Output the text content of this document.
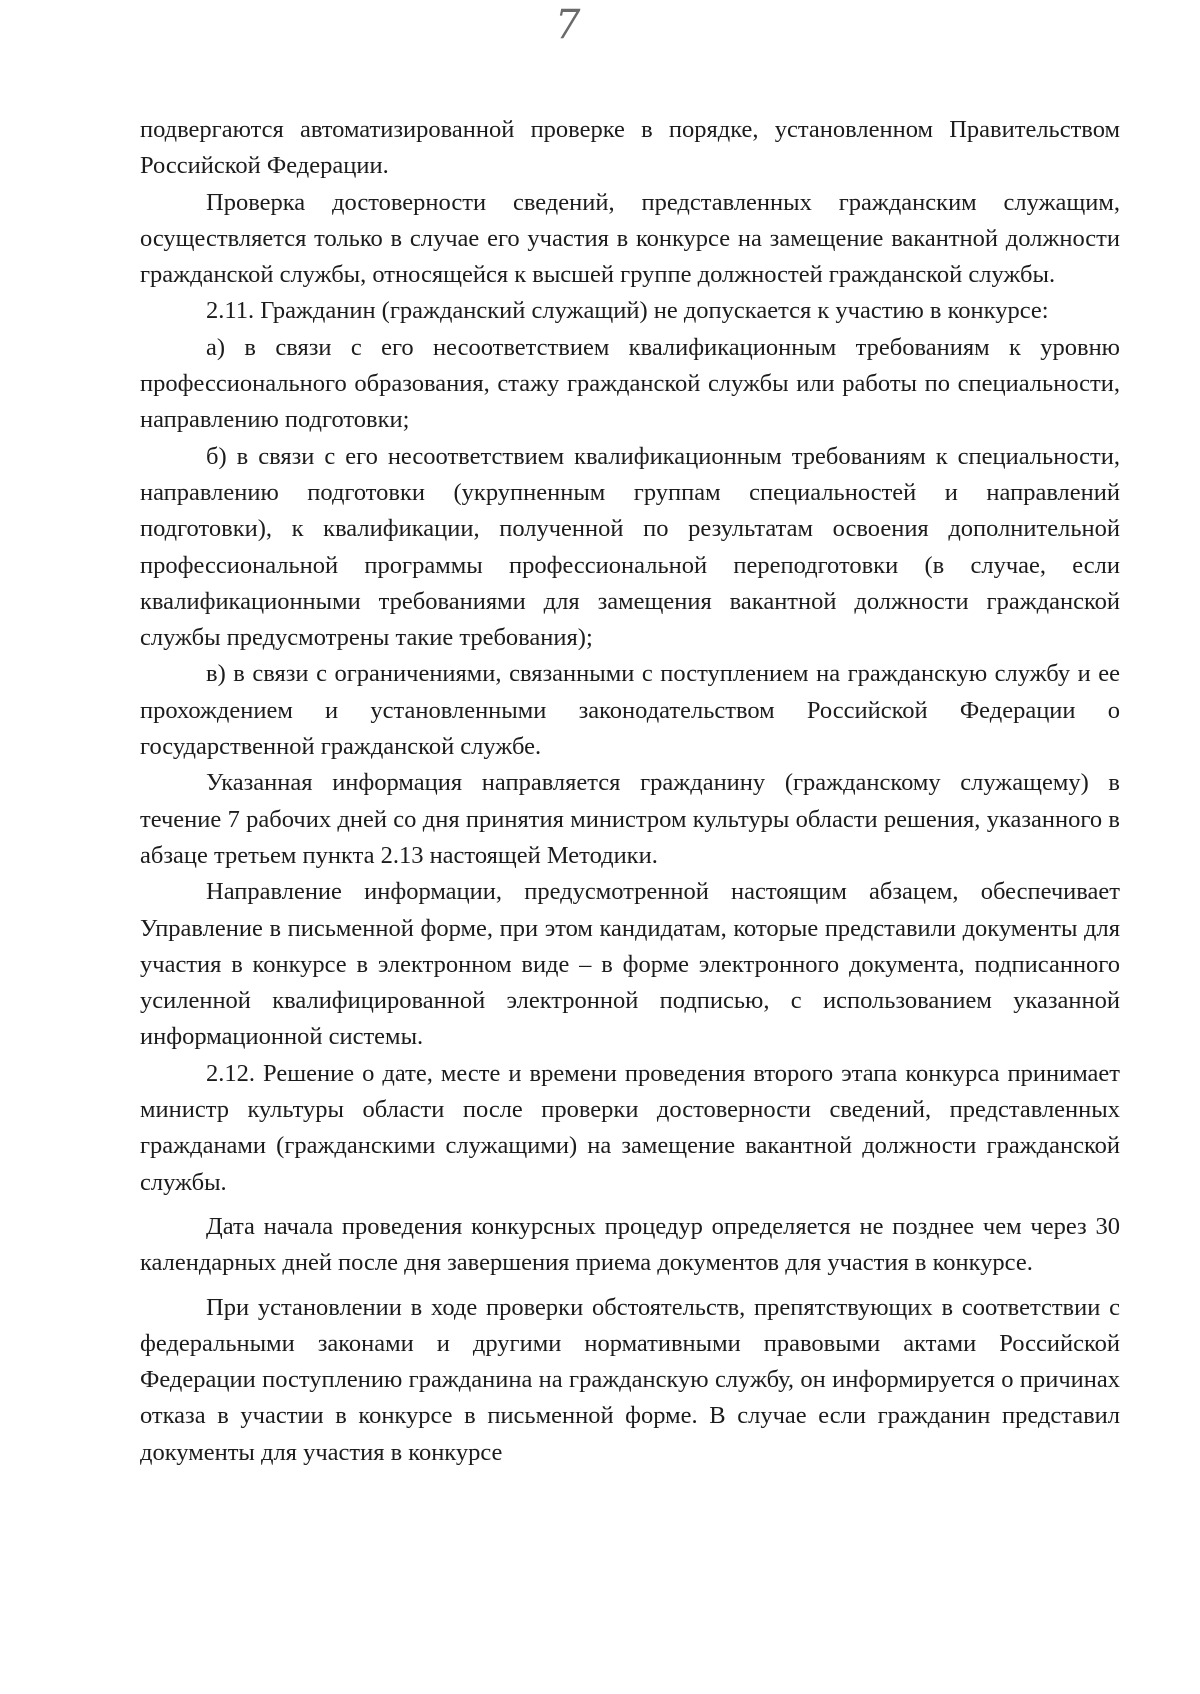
7

подвергаются автоматизированной проверке в порядке, установленном Правительством Российской Федерации.

Проверка достоверности сведений, представленных гражданским служащим, осуществляется только в случае его участия в конкурсе на замещение вакантной должности гражданской службы, относящейся к высшей группе должностей гражданской службы.

2.11. Гражданин (гражданский служащий) не допускается к участию в конкурсе:

а) в связи с его несоответствием квалификационным требованиям к уровню профессионального образования, стажу гражданской службы или работы по специальности, направлению подготовки;

б) в связи с его несоответствием квалификационным требованиям к специальности, направлению подготовки (укрупненным группам специальностей и направлений подготовки), к квалификации, полученной по результатам освоения дополнительной профессиональной программы профессиональной переподготовки (в случае, если квалификационными требованиями для замещения вакантной должности гражданской службы предусмотрены такие требования);

в) в связи с ограничениями, связанными с поступлением на гражданскую службу и ее прохождением и установленными законодательством Российской Федерации о государственной гражданской службе.

Указанная информация направляется гражданину (гражданскому служащему) в течение 7 рабочих дней со дня принятия министром культуры области решения, указанного в абзаце третьем пункта 2.13 настоящей Методики.

Направление информации, предусмотренной настоящим абзацем, обеспечивает Управление в письменной форме, при этом кандидатам, которые представили документы для участия в конкурсе в электронном виде – в форме электронного документа, подписанного усиленной квалифицированной электронной подписью, с использованием указанной информационной системы.

2.12. Решение о дате, месте и времени проведения второго этапа конкурса принимает министр культуры области после проверки достоверности сведений, представленных гражданами (гражданскими служащими) на замещение вакантной должности гражданской службы.

Дата начала проведения конкурсных процедур определяется не позднее чем через 30 календарных дней после дня завершения приема документов для участия в конкурсе.

При установлении в ходе проверки обстоятельств, препятствующих в соответствии с федеральными законами и другими нормативными правовыми актами Российской Федерации поступлению гражданина на гражданскую службу, он информируется о причинах отказа в участии в конкурсе в письменной форме. В случае если гражданин представил документы для участия в конкурсе
